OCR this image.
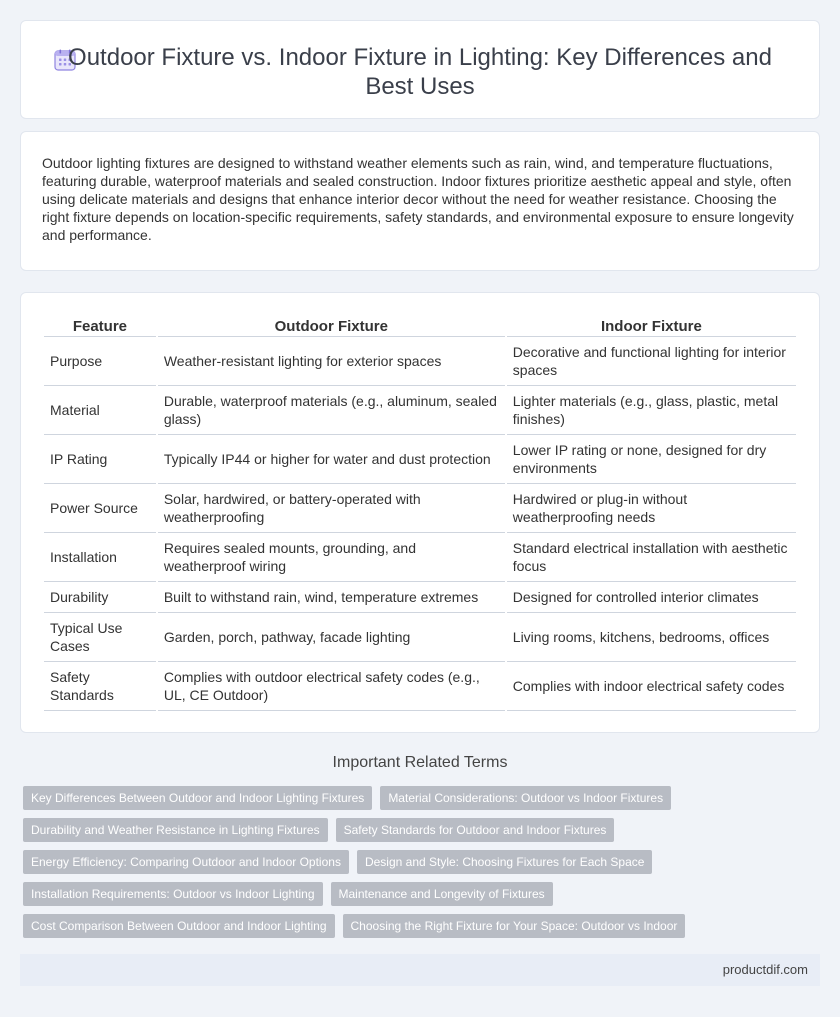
Outdoor Fixture vs. Indoor Fixture in Lighting: Key Differences and Best Uses

Outdoor lighting fixtures are designed to withstand weather elements such as rain, wind, and temperature fluctuations, featuring durable, waterproof materials and sealed construction. Indoor fixtures prioritize aesthetic appeal and style, often using delicate materials and designs that enhance interior decor without the need for weather resistance. Choosing the right fixture depends on location-specific requirements, safety standards, and environmental exposure to ensure longevity and performance.

Feature	Outdoor Fixture	Indoor Fixture
Purpose	Weather-resistant lighting for exterior spaces	Decorative and functional lighting for interior spaces
Material	Durable, waterproof materials (e.g., aluminum, sealed glass)	Lighter materials (e.g., glass, plastic, metal finishes)
IP Rating	Typically IP44 or higher for water and dust protection	Lower IP rating or none, designed for dry environments
Power Source	Solar, hardwired, or battery-operated with weatherproofing	Hardwired or plug-in without weatherproofing needs
Installation	Requires sealed mounts, grounding, and weatherproof wiring	Standard electrical installation with aesthetic focus
Durability	Built to withstand rain, wind, temperature extremes	Designed for controlled interior climates
Typical Use Cases	Garden, porch, pathway, facade lighting	Living rooms, kitchens, bedrooms, offices
Safety Standards	Complies with outdoor electrical safety codes (e.g., UL, CE Outdoor)	Complies with indoor electrical safety codes
Important Related Terms
Key Differences Between Outdoor and Indoor Lighting Fixtures	Material Considerations: Outdoor vs Indoor Fixtures
Durability and Weather Resistance in Lighting Fixtures	Safety Standards for Outdoor and Indoor Fixtures
Energy Efficiency: Comparing Outdoor and Indoor Options	Design and Style: Choosing Fixtures for Each Space
Installation Requirements: Outdoor vs Indoor Lighting	Maintenance and Longevity of Fixtures
Cost Comparison Between Outdoor and Indoor Lighting	Choosing the Right Fixture for Your Space: Outdoor vs Indoor
productdif.com
